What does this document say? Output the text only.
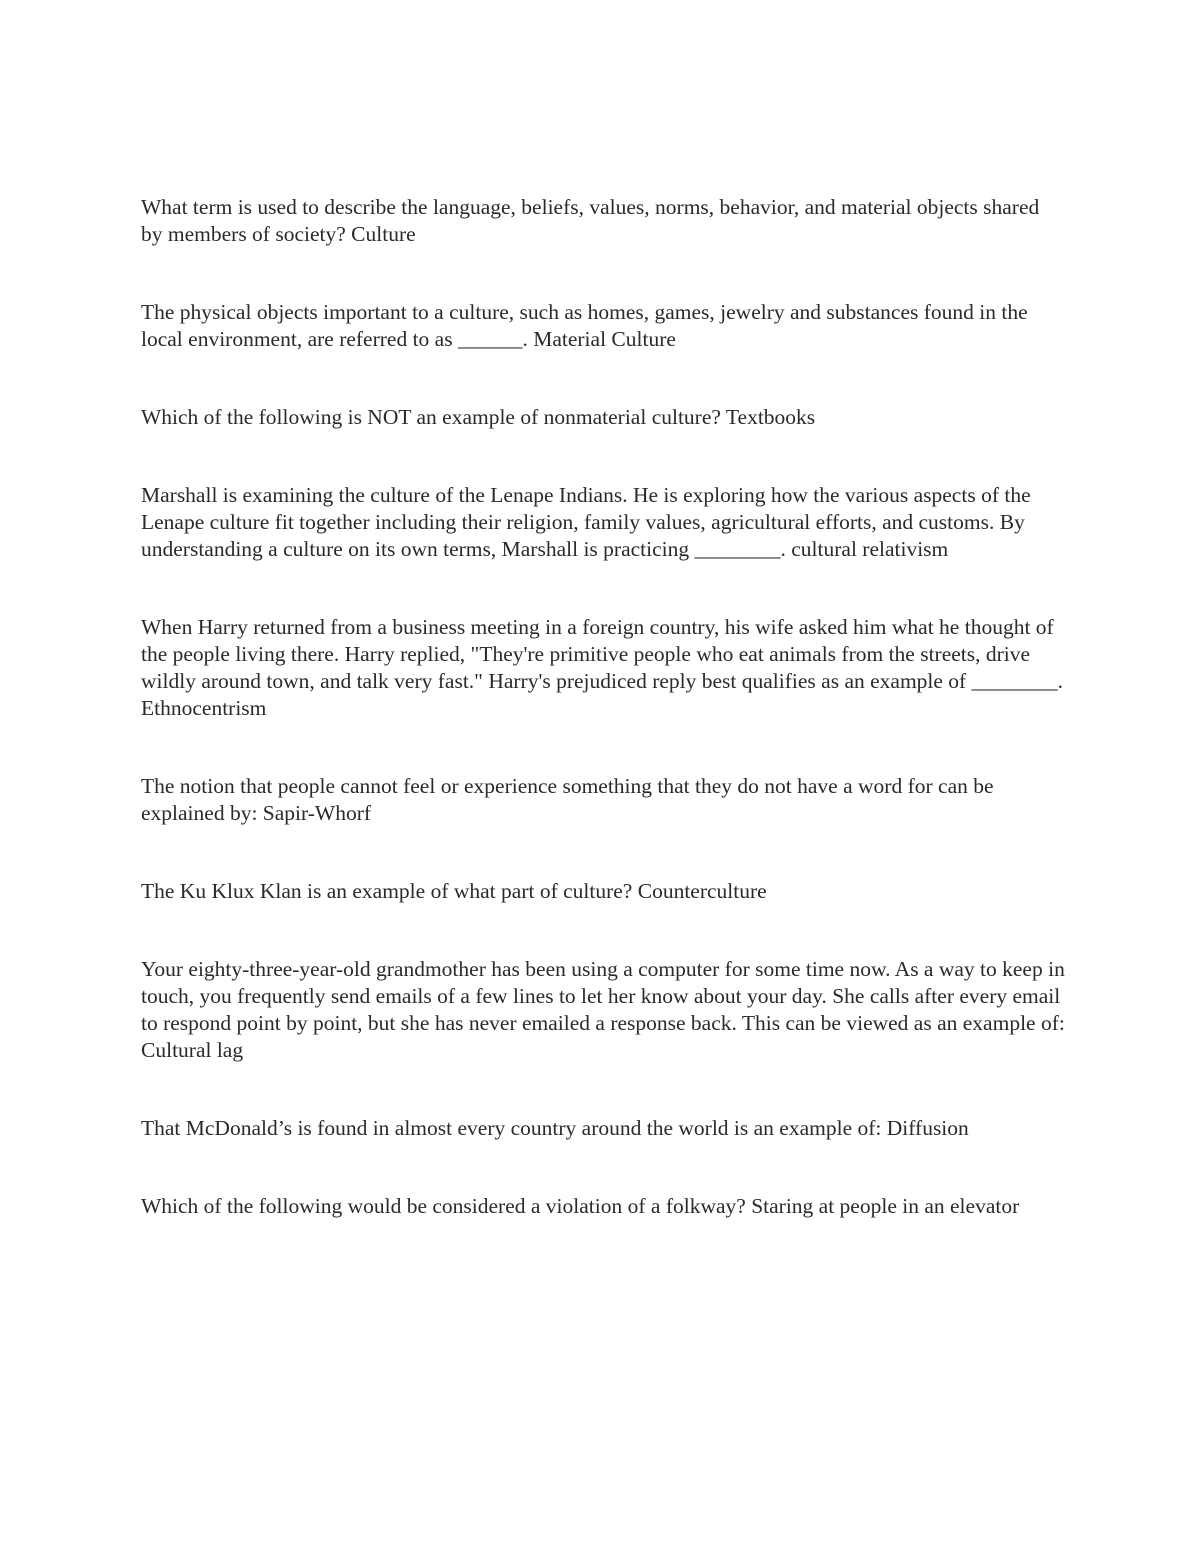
What term is used to describe the language, beliefs, values, norms, behavior, and material objects shared by members of society? Culture

The physical objects important to a culture, such as homes, games, jewelry and substances found in the local environment, are referred to as ______. Material Culture

Which of the following is NOT an example of nonmaterial culture? Textbooks

Marshall is examining the culture of the Lenape Indians. He is exploring how the various aspects of the Lenape culture fit together including their religion, family values, agricultural efforts, and customs. By understanding a culture on its own terms, Marshall is practicing ________. cultural relativism

When Harry returned from a business meeting in a foreign country, his wife asked him what he thought of the people living there. Harry replied, "They're primitive people who eat animals from the streets, drive wildly around town, and talk very fast." Harry's prejudiced reply best qualifies as an example of ________. Ethnocentrism

The notion that people cannot feel or experience something that they do not have a word for can be explained by: Sapir-Whorf

The Ku Klux Klan is an example of what part of culture? Counterculture

Your eighty-three-year-old grandmother has been using a computer for some time now. As a way to keep in touch, you frequently send emails of a few lines to let her know about your day. She calls after every email to respond point by point, but she has never emailed a response back. This can be viewed as an example of: Cultural lag

That McDonald’s is found in almost every country around the world is an example of: Diffusion

Which of the following would be considered a violation of a folkway? Staring at people in an elevator
